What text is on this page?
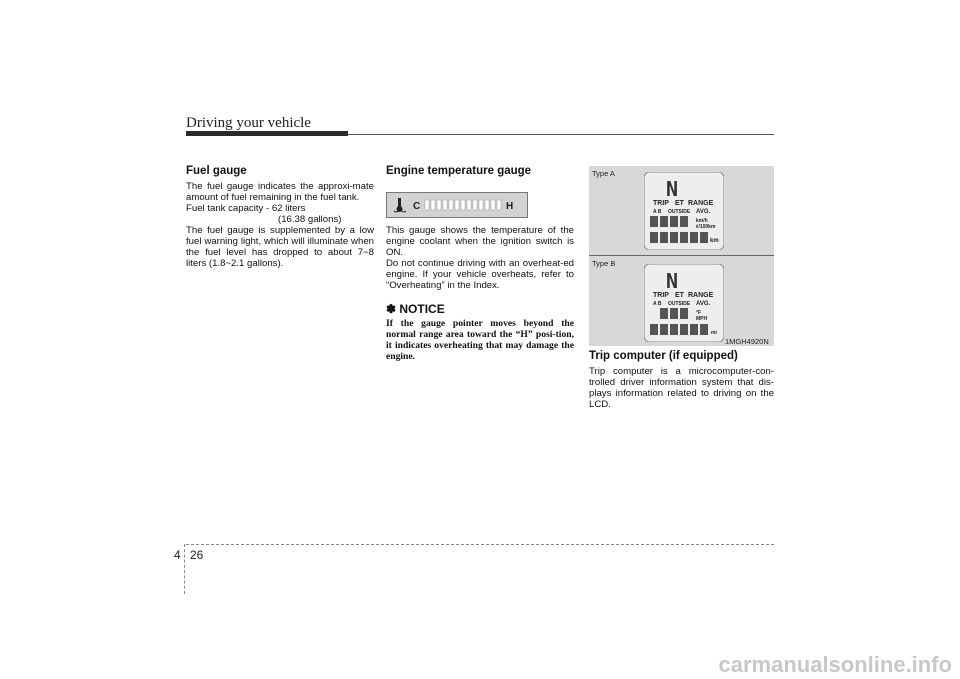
Driving your vehicle
Fuel gauge

The fuel gauge indicates the approxi-mate amount of fuel remaining in the fuel tank.

Fuel tank capacity - 62 liters

(16.38 gallons)

The fuel gauge is supplemented by a low fuel warning light, which will illuminate when the fuel level has dropped to about 7~8 liters (1.8~2.1 gallons).

Engine temperature gauge
C	H

This gauge shows the temperature of the engine coolant when the ignition switch is ON.

Do not continue driving with an overheat-ed engine. If your vehicle overheats, refer to “Overheating” in the Index.

✽ NOTICE
If the gauge pointer moves beyond the normal range area toward the “H” posi-tion, it indicates overheating that may damage the engine.
Type A
Type B
N
TRIP ET RANGE
A B OUTSIDE AVG.
km/h
ℓ/100km
km
N
TRIP ET RANGE
A B OUTSIDE AVG.
°F
MPH
mi
1MGH4920N
Trip computer (if equipped)

Trip computer is a microcomputer-con-trolled driver information system that dis-plays information related to driving on the LCD.

4 26
carmanualsonline.info
